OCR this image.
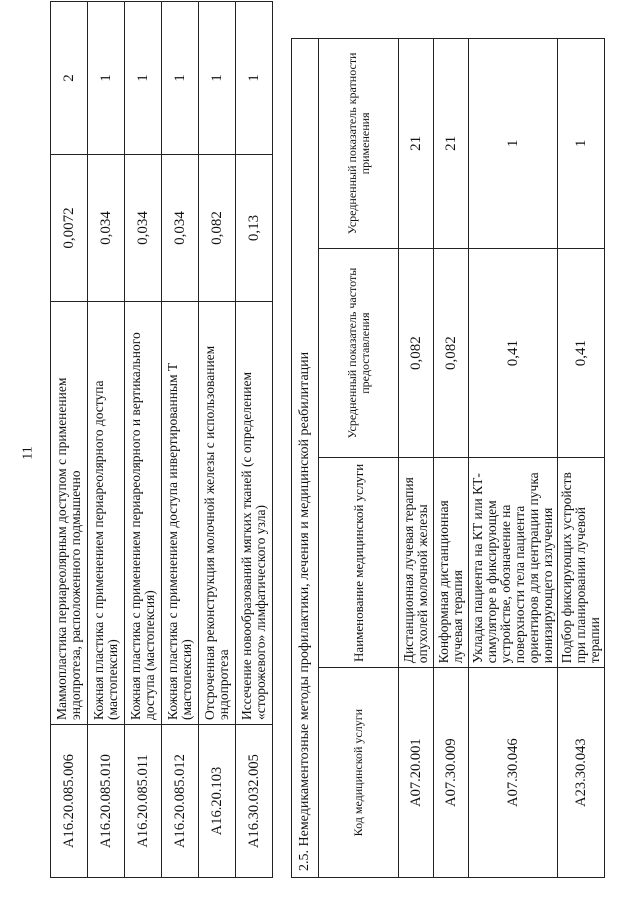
11
A16.20.085.006	Маммопластика периареолярным доступом с применением эндопротеза, расположенного подмышечно	0,0072	2
A16.20.085.010	Кожная пластика с применением периареолярного доступа (мастопексия)	0,034	1
A16.20.085.011	Кожная пластика с применением периареолярного и вертикального доступа (мастопексия)	0,034	1
A16.20.085.012	Кожная пластика с применением доступа инвертированным Т (мастопексия)	0,034	1
A16.20.103	Отсроченная реконструкция молочной железы с использованием эндопротеза	0,082	1
A16.30.032.005	Иссечение новообразований мягких тканей (с определением «сторожевого» лимфатического узла)	0,13	1
2.5. Немедикаментозные методы профилактики, лечения и медицинской реабилитации			
Код медицинской услуги	Наименование медицинской услуги	Усредненный показатель частоты предоставления	Усредненный показатель кратности применения
A07.20.001	Дистанционная лучевая терапия опухолей молочной железы	0,082	21
A07.30.009	Конформная дистанционная лучевая терапия	0,082	21
A07.30.046	Укладка пациента на КТ или КТ-симуляторе в фиксирующем устройстве, обозначение на поверхности тела пациента ориентиров для центрации пучка ионизирующего излучения	0,41	1
A23.30.043	Подбор фиксирующих устройств при планировании лучевой терапии	0,41	1
